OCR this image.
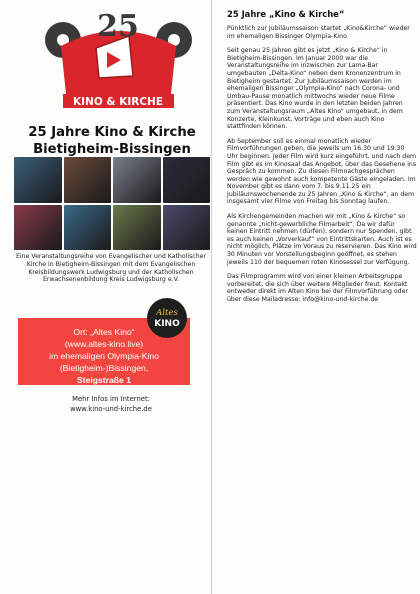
25
KINO & KIRCHE
25 Jahre Kino & Kirche
Bietigheim-Bissingen
Eine Veranstaltungsreihe von Evangelischer und Katholischer Kirche in Bietigheim-Bissingen mit dem Evangelischen Kreisbildungswerk Ludwigsburg und der Katholischen Erwachsenenbildung Kreis Ludwigsburg e.V.
Ort: „Altes Kino“
(www.altes-kino.live)
im ehemaligen Olympia-Kino
(Bietigheim-)Bissingen,
Steigstraße 1
Altes
KINO
Mehr Infos im Internet:
www.kino-und-kirche.de
25 Jahre „Kino & Kirche“

Pünktlich zur Jubiläumssaison startet „Kino&Kirche“ wieder im ehemaligen Bissinger Olympia-Kino

Seit genau 25 Jahren gibt es jetzt „Kino & Kirche“ in Bietigheim-Bissingen. Im Januar 2000 war die Veranstaltungsreihe im inzwischen zur Lama-Bar umgebauten „Delta-Kino“ neben dem Kronenzentrum in Bietigheim gestartet. Zur Jubiläumssaison werden im ehemaligen Bissinger „Olympia-Kino“ nach Corona- und Umbau-Pause monatlich mittwochs wieder neue Filme präsentiert. Das Kino wurde in den letzten beiden Jahren zum Veranstaltungsraum „Altes Kino“ umgebaut, in dem Konzerte, Kleinkunst, Vorträge und eben auch Kino stattfinden können.

Ab September soll es einmal monatlich wieder Filmvorführungen geben, die jeweils um 16.30 und 19.30 Uhr beginnen. Jeder Film wird kurz eingeführt, und nach dem Film gibt es im Kinosaal das Angebot, über das Gesehene ins Gespräch zu kommen. Zu diesen Filmnachgesprächen werden wie gewohnt auch kompetente Gäste eingeladen. Im November gibt es dann vom 7. bis 9.11.25 ein Jubiläumswochenende zu 25 Jahren „Kino & Kirche“, an dem insgesamt vier Filme von Freitag bis Sonntag laufen.

Als Kirchengemeinden machen wir mit „Kino & Kirche“ so genannte „nicht-gewerbliche Filmarbeit“. Da wir dafür keinen Eintritt nehmen (dürfen), sondern nur Spenden, gibt es auch keinen „Vorverkauf“ von Eintrittskarten. Auch ist es nicht möglich, Plätze im Voraus zu reservieren. Das Kino wird 30 Minuten vor Vorstellungsbeginn geöffnet, es stehen jeweils 110 der bequemen roten Kinosessel zur Verfügung.

Das Filmprogramm wird von einer kleinen Arbeitsgruppe vorbereitet, die sich über weitere Mitglieder freut. Kontakt entweder direkt im Alten Kino bei der Filmvorführung oder über diese Mailadresse: info@kino-und-kirche.de
